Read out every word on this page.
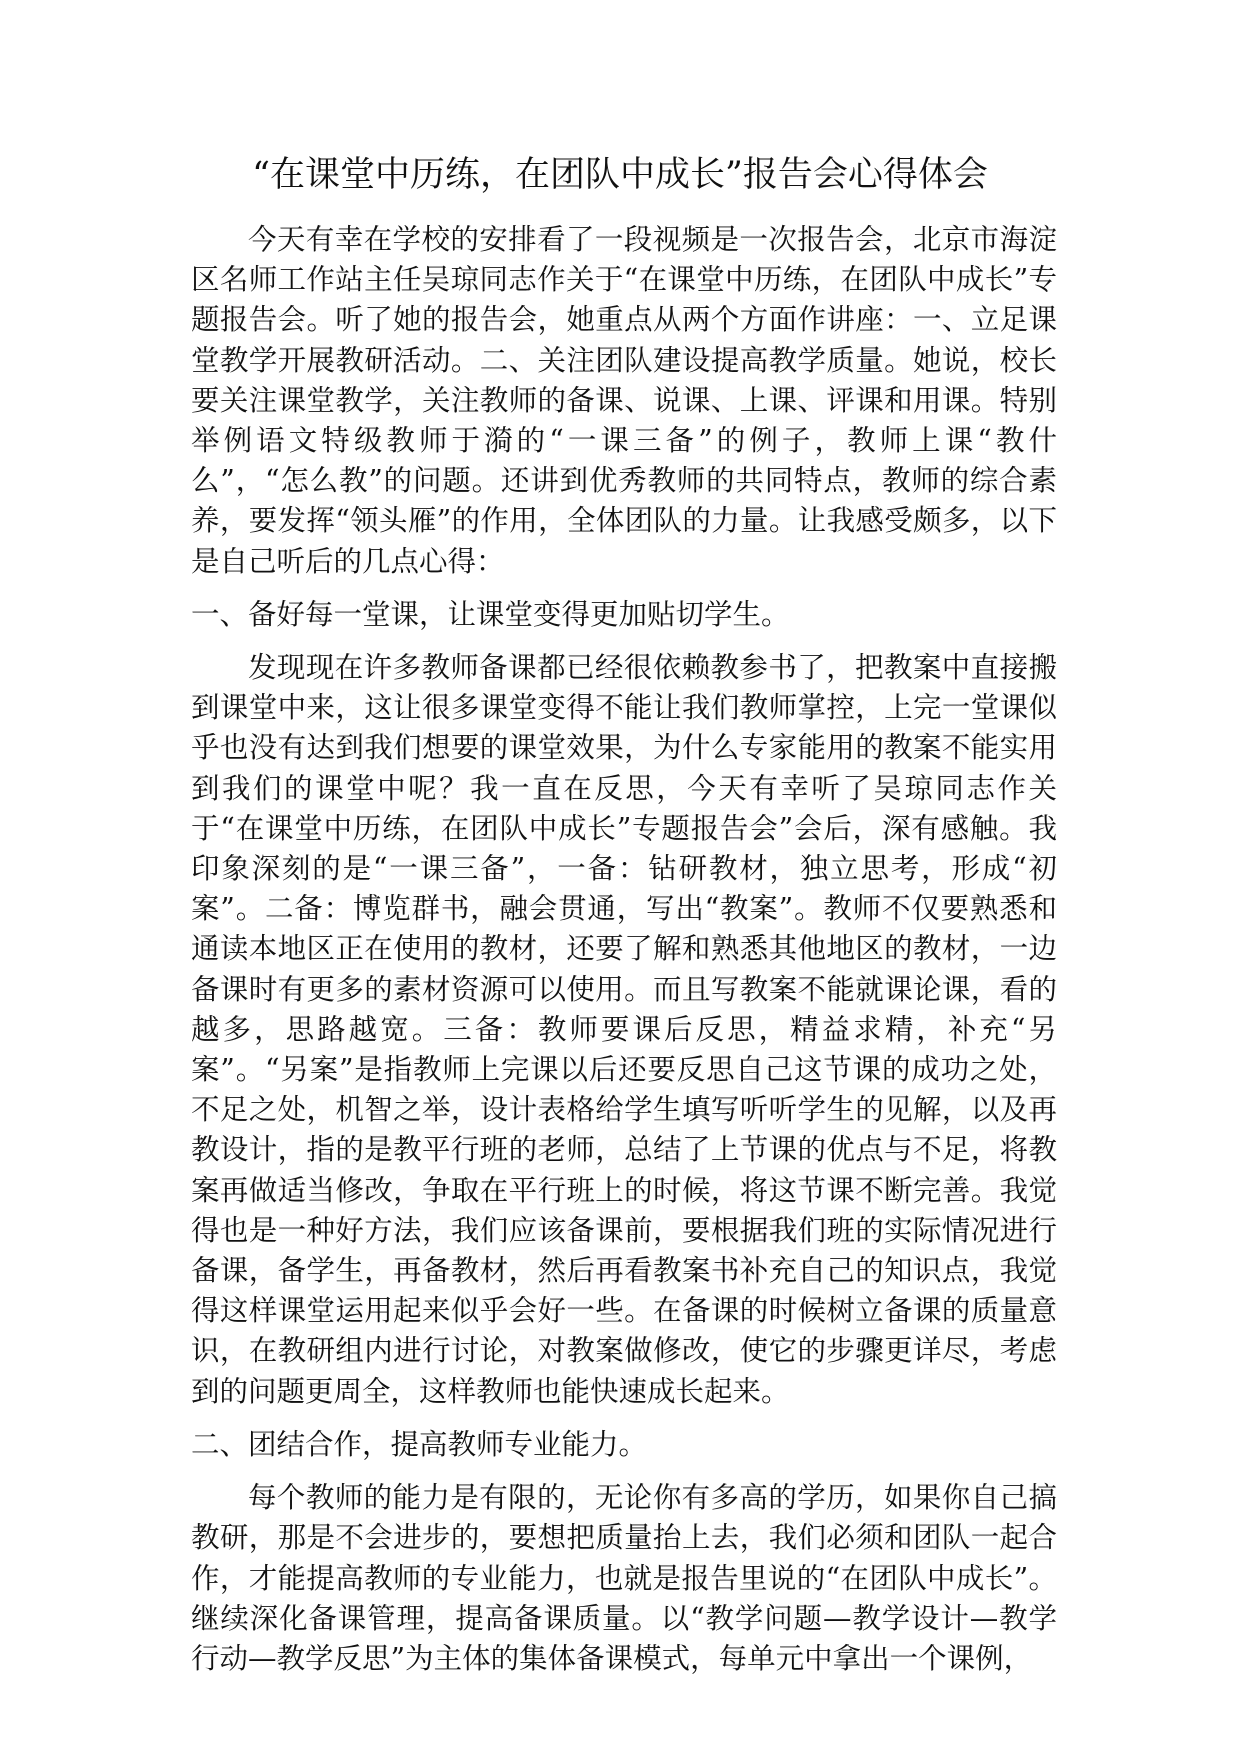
“在课堂中历练，在团队中成长”报告会心得体会

今天有幸在学校的安排看了一段视频是一次报告会，北京市海淀区名师工作站主任吴琼同志作关于“在课堂中历练，在团队中成长”专题报告会。听了她的报告会，她重点从两个方面作讲座：一、立足课堂教学开展教研活动。二、关注团队建设提高教学质量。她说，校长要关注课堂教学，关注教师的备课、说课、上课、评课和用课。特别举例语文特级教师于漪的“一课三备”的例子，教师上课“教什么”，“怎么教”的问题。还讲到优秀教师的共同特点，教师的综合素养，要发挥“领头雁”的作用，全体团队的力量。让我感受颇多，以下是自己听后的几点心得：

一、备好每一堂课，让课堂变得更加贴切学生。

发现现在许多教师备课都已经很依赖教参书了，把教案中直接搬到课堂中来，这让很多课堂变得不能让我们教师掌控，上完一堂课似乎也没有达到我们想要的课堂效果，为什么专家能用的教案不能实用到我们的课堂中呢？我一直在反思，今天有幸听了吴琼同志作关于“在课堂中历练，在团队中成长”专题报告会”会后，深有感触。我印象深刻的是“一课三备”，一备：钻研教材，独立思考，形成“初案”。二备：博览群书，融会贯通，写出“教案”。教师不仅要熟悉和通读本地区正在使用的教材，还要了解和熟悉其他地区的教材，一边备课时有更多的素材资源可以使用。而且写教案不能就课论课，看的越多，思路越宽。三备：教师要课后反思，精益求精，补充“另案”。“另案”是指教师上完课以后还要反思自己这节课的成功之处，不足之处，机智之举，设计表格给学生填写听听学生的见解，以及再教设计，指的是教平行班的老师，总结了上节课的优点与不足，将教案再做适当修改，争取在平行班上的时候，将这节课不断完善。我觉得也是一种好方法，我们应该备课前，要根据我们班的实际情况进行备课，备学生，再备教材，然后再看教案书补充自己的知识点，我觉得这样课堂运用起来似乎会好一些。在备课的时候树立备课的质量意识，在教研组内进行讨论，对教案做修改，使它的步骤更详尽，考虑到的问题更周全，这样教师也能快速成长起来。

二、团结合作，提高教师专业能力。

每个教师的能力是有限的，无论你有多高的学历，如果你自己搞教研，那是不会进步的，要想把质量抬上去，我们必须和团队一起合作，才能提高教师的专业能力，也就是报告里说的“在团队中成长”。继续深化备课管理，提高备课质量。以“教学问题—教学设计—教学行动—教学反思”为主体的集体备课模式，每单元中拿出一个课例，
